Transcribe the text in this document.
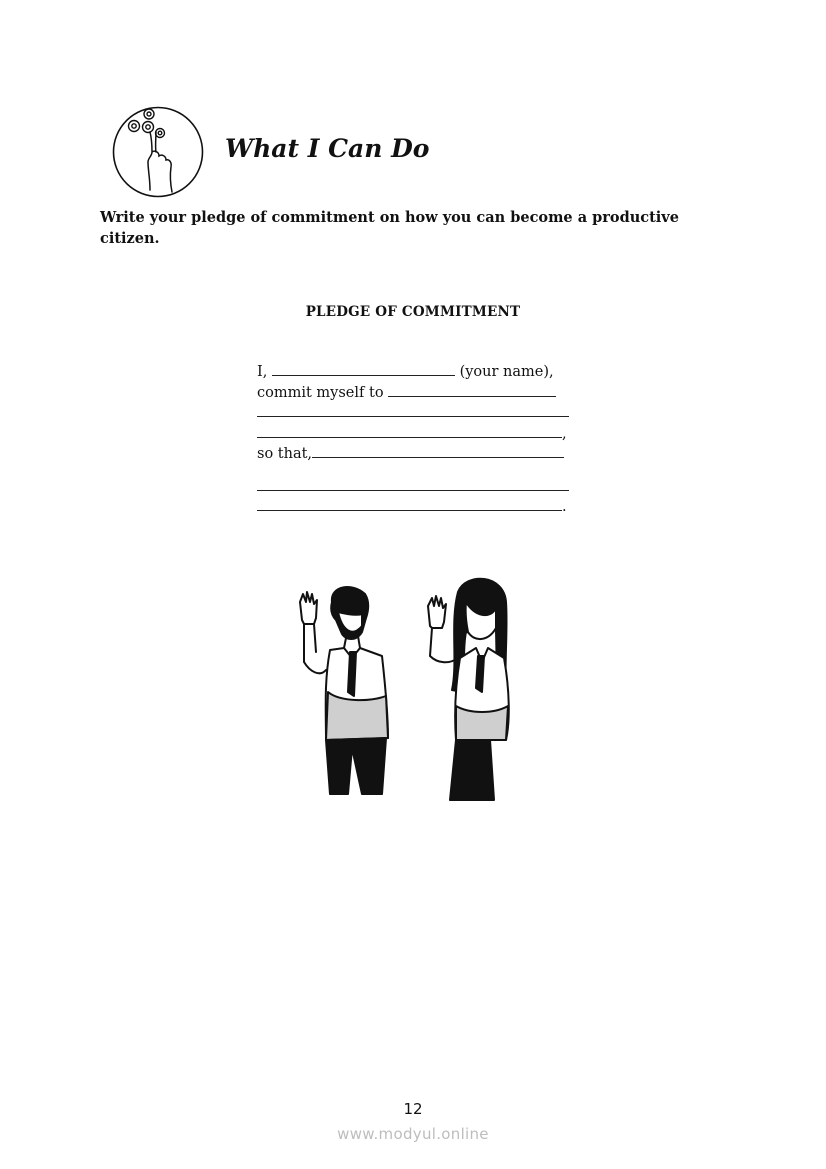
What I Can Do
Write your pledge of commitment on how you can become a productive citizen.
PLEDGE OF COMMITMENT
I,	(your name),
commit myself to
,
so that,
.
12
www.modyul.online
